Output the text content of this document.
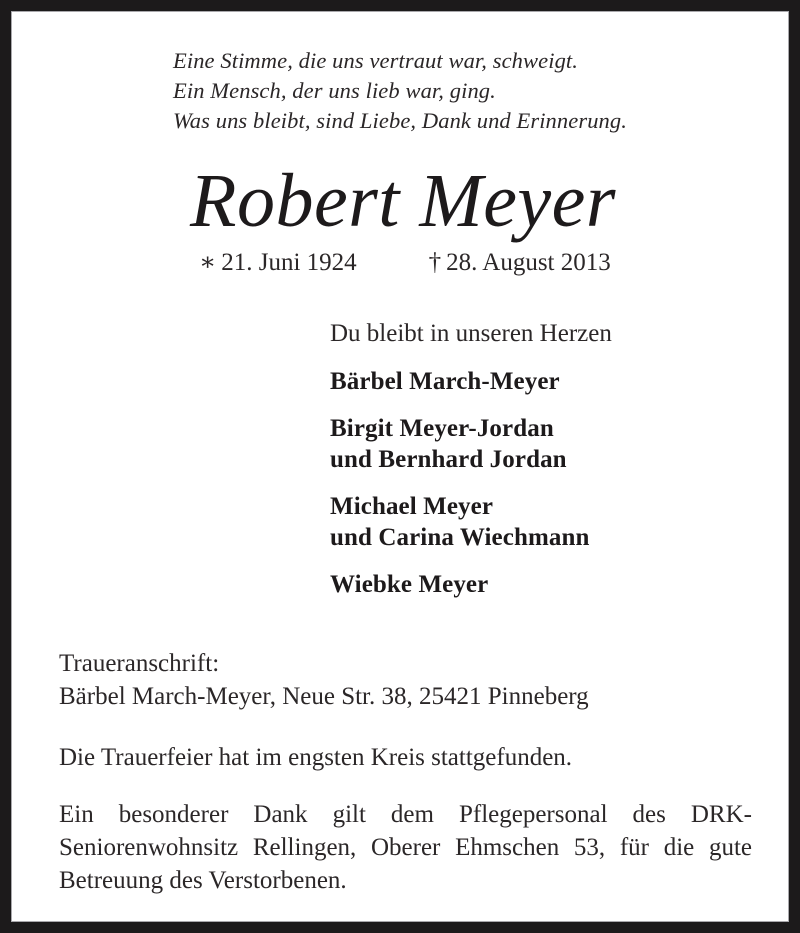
Eine Stimme, die uns vertraut war, schweigt.
Ein Mensch, der uns lieb war, ging.
Was uns bleibt, sind Liebe, Dank und Erinnerung.
Robert Meyer
∗ 21. Juni 1924	† 28. August 2013
Du bleibt in unseren Herzen
Bärbel March-Meyer
Birgit Meyer-Jordan
und Bernhard Jordan
Michael Meyer
und Carina Wiechmann
Wiebke Meyer
Traueranschrift:
Bärbel March-Meyer, Neue Str. 38, 25421 Pinneberg

Die Trauerfeier hat im engsten Kreis stattgefunden.

Ein besonderer Dank gilt dem Pflegepersonal des DRK-Seniorenwohnsitz Rellingen, Oberer Ehmschen 53, für die gute Betreuung des Verstorbenen.
